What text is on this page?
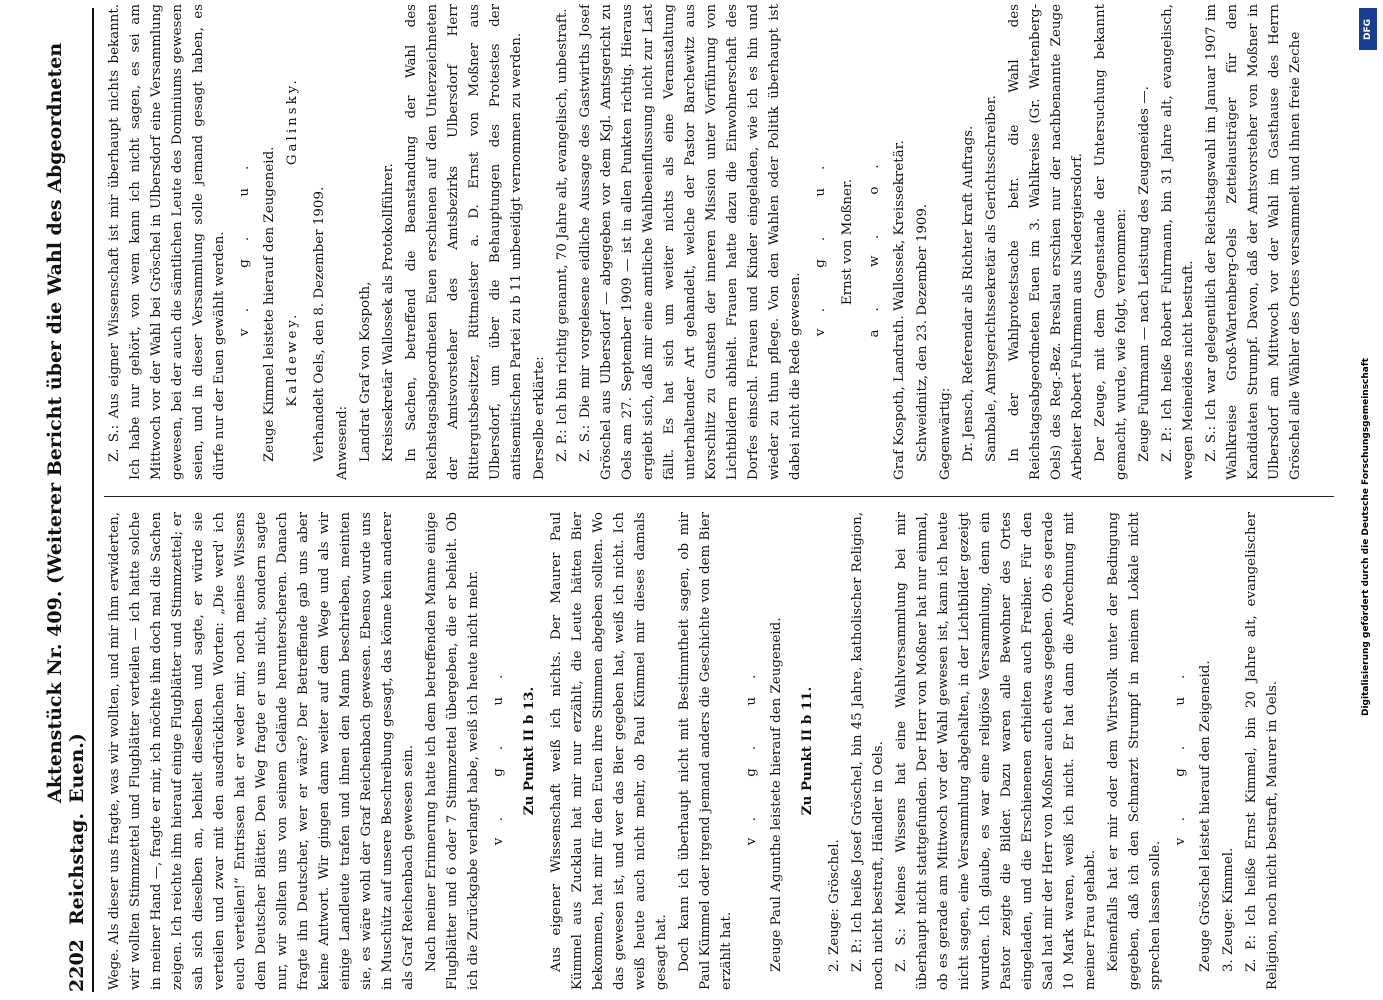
2202
Reichstag.
Aktenstück Nr. 409. (Weiterer Bericht über die Wahl des Abgeordneten Euen.) Wege. Als dieser uns fragte, was wir wollten, und mir ihm erwiderten, wir wollten Stimmzettel und Flugblätter verteilen — ich hatte solche in meiner Hand —, fragte er mir, ich möchte ihm doch mal die Sachen zeigen. Ich reichte ihm hierauf einige Flugblätter und Stimmzettel; er sah sich dieselben an, behielt dieselben und sagte, er würde sie verteilen und zwar mit den ausdrücklichen Worten: „Die werd' ich euch verteilen!“ Entrissen hat er weder mir, noch meines Wissens dem Deutscher Blätter. Den Weg fragte er uns nicht, sondern sagte nur, wir sollten uns von seinem Gelände herunterscheren. Danach fragte ihn Deutscher, wer er wäre? Der Betreffende gab uns aber keine Antwort. Wir gingen dann weiter auf dem Wege und als wir einige Landleute trafen und ihnen den Mann beschrieben, meinten sie, es wäre wohl der Graf Reichenbach gewesen. Ebenso wurde uns in Muschütz auf unsere Beschreibung gesagt, das könne kein anderer als Graf Reichenbach gewesen sein. Nach meiner Erinnerung hatte ich dem betreffenden Manne einige Flugblätter und 6 oder 7 Stimmzettel übergeben, die er behielt. Ob ich die Zurückgabe verlangt habe, weiß ich heute nicht mehr. v. g. u. Zu Punkt II b 13. Aus eigener Wissenschaft weiß ich nichts. Der Maurer Paul Kümmel aus Zucklau hat mir nur erzählt, die Leute hätten Bier bekommen, hat mir für den Euen ihre Stimmen abgeben sollten. Wo das gewesen ist, und wer das Bier gegeben hat, weiß ich nicht. Ich weiß heute auch nicht mehr, ob Paul Kümmel mir dieses damals gesagt hat. Doch kann ich überhaupt nicht mit Bestimmtheit sagen, ob mir Paul Kümmel oder irgend jemand anders die Geschichte von dem Bier erzählt hat.

v. g. u. Zeuge Paul Agunthe leistete hierauf den Zeugeneid. Zu Punkt II b 11.

2. Zeuge: Gröschel. Z. P.: Ich heiße Josef Gröschel, bin 45 Jahre, katholischer Religion, noch nicht bestraft, Händler in Oels. Z. S.: Meines Wissens hat eine Wahlversammlung bei mir überhaupt nicht stattgefunden. Der Herr von Moßner hat nur einmal, ob es gerade am Mittwoch vor der Wahl gewesen ist, kann ich heute nicht sagen, eine Versammlung abgehalten, in der Lichtbilder gezeigt wurden. Ich glaube, es war eine religiöse Versammlung, denn ein Pastor zeigte die Bilder. Dazu waren alle Bewohner des Ortes eingeladen, und die Erschienenen erhielten auch Freibier. Für den Saal hat mir der Herr von Moßner auch etwas gegeben. Ob es gerade 10 Mark waren, weiß ich nicht. Er hat dann die Abrechnung mit meiner Frau gehabt. Keinenfalls hat er mir oder dem Wirtsvolk unter der Bedingung gegeben, daß ich den Schmarzt Strumpf in meinem Lokale nicht sprechen lassen solle.

v. g. u. Zeuge Gröschel leistet hierauf den Zeigeneid. 3. Zeuge: Kimmel. Z. P.: Ich heiße Ernst Kimmel, bin 20 Jahre alt, evangelischer Religion, noch nicht bestraft, Maurer in Oels.

Z. S.: Aus eigner Wissenschaft ist mir überhaupt nichts bekannt. Ich habe nur gehört, von wem kann ich nicht sagen, es sei am Mittwoch vor der Wahl bei Gröschel in Ulbersdorf eine Versammlung gewesen, bei der auch die sämtlichen Leute des Dominiums gewesen seien, und in dieser Versammlung solle jemand gesagt haben, es dürfe nur der Euen gewählt werden. v. g. u. Zeuge Kimmel leistete hierauf den Zeugeneid. Kaldewey.
Galinsky.

Verhandelt Oels, den 8. Dezember 1909. Anwesend: Landrat Graf von Kospoth, Kreissekretär Wallossek als Protokollführer. In Sachen, betreffend die Beanstandung der Wahl des Reichstagsabgeordneten Euen erschienen auf den Unterzeichneten der Amtsvorsteher des Amtsbezirks Ulbersdorf Herr Rittergutsbesitzer, Rittmeister a. D. Ernst von Moßner aus Ulbersdorf, um über die Behauptungen des Protestes der antisemitischen Partei zu b 11 unbeeidigt vernommen zu werden. Derselbe erklärte: Z. P.: Ich bin richtig genannt, 70 Jahre alt, evangelisch, unbestraft. Z. S.: Die mir vorgelesene eidliche Aussage des Gastwirths Josef Gröschel aus Ulbersdorf — abgegeben vor dem Kgl. Amtsgericht zu Oels am 27. September 1909 — ist in allen Punkten richtig. Hieraus ergiebt sich, daß mir eine amtliche Wahlbeeinflussung nicht zur Last fällt. Es hat sich um weiter nichts als eine Veranstaltung unterhaltender Art gehandelt, welche der Pastor Barchewitz aus Korschlitz zu Gunsten der inneren Mission unter Vorführung von Lichtbildern abhielt. Frauen hatte dazu die Einwohnerschaft des Dorfes einschl. Frauen und Kinder eingeladen, wie ich es hin und wieder zu thun pflege. Von den Wahlen oder Politik überhaupt ist dabei nicht die Rede gewesen.

v. g. u. Ernst von Moßner. a. w. o. Graf Kospoth, Landrath. Wallossek, Kreissekretär. Schweidnitz, den 23. Dezember 1909. Gegenwärtig: Dr. Jensch, Referendar als Richter kraft Auftrags. Sambale, Amtsgerichtssekretär als Gerichtsschreiber. In der Wahlprotestsache betr. die Wahl des Reichstagsabgeordneten Euen im 3. Wahlkreise (Gr. Wartenberg-Oels) des Reg.-Bez. Breslau erschien nur der nachbenannte Zeuge Arbeiter Robert Fuhrmann aus Niedergiersdorf. Der Zeuge, mit dem Gegenstande der Untersuchung bekannt gemacht, wurde, wie folgt, vernommen: Zeuge Fuhrmann — nach Leistung des Zeugeneides —. Z. P.: Ich heiße Robert Fuhrmann, bin 31 Jahre alt, evangelisch, wegen Meineides nicht bestraft. Z. S.: Ich war gelegentlich der Reichstagswahl im Januar 1907 im Wahlkreise Groß-Wartenberg-Oels Zettelausträger für den Kandidaten Strumpf. Davon, daß der Amtsvorsteher von Moßner in Ulbersdorf am Mittwoch vor der Wahl im Gasthause des Herrn Gröschel alle Wähler des Ortes versammelt und ihnen freie Zeche

DFG
Digitalisierung gefördert durch die Deutsche Forschungsgemeinschaft
